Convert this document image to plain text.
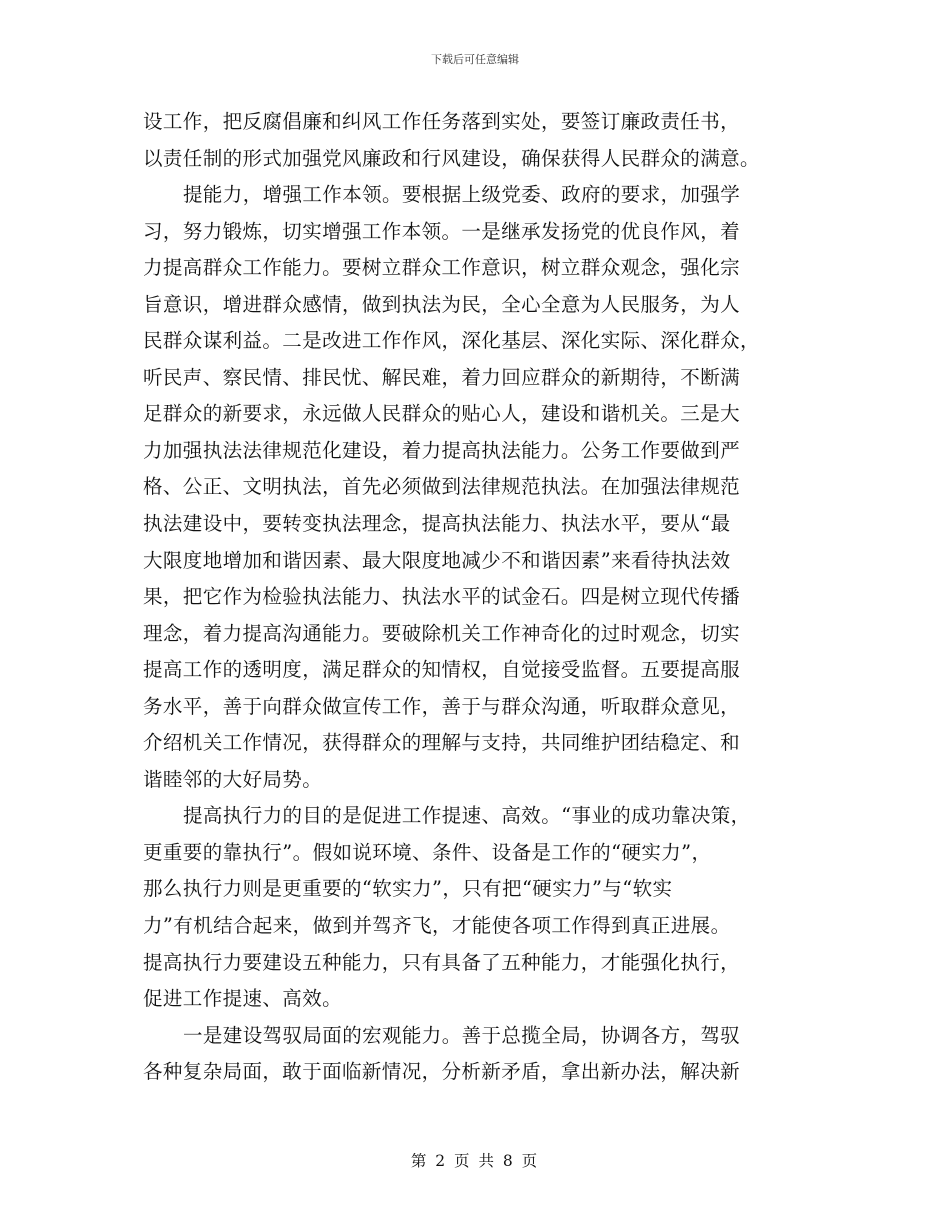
下载后可任意编辑
设工作，把反腐倡廉和纠风工作任务落到实处，要签订廉政责任书，
以责任制的形式加强党风廉政和行风建设，确保获得人民群众的满意。
提能力，增强工作本领。要根据上级党委、政府的要求，加强学
习，努力锻炼，切实增强工作本领。一是继承发扬党的优良作风，着
力提高群众工作能力。要树立群众工作意识，树立群众观念，强化宗
旨意识，增进群众感情，做到执法为民，全心全意为人民服务，为人
民群众谋利益。二是改进工作作风，深化基层、深化实际、深化群众，
听民声、察民情、排民忧、解民难，着力回应群众的新期待，不断满
足群众的新要求，永远做人民群众的贴心人，建设和谐机关。三是大
力加强执法法律规范化建设，着力提高执法能力。公务工作要做到严
格、公正、文明执法，首先必须做到法律规范执法。在加强法律规范
执法建设中，要转变执法理念，提高执法能力、执法水平，要从“最
大限度地增加和谐因素、最大限度地减少不和谐因素”来看待执法效
果，把它作为检验执法能力、执法水平的试金石。四是树立现代传播
理念，着力提高沟通能力。要破除机关工作神奇化的过时观念，切实
提高工作的透明度，满足群众的知情权，自觉接受监督。五要提高服
务水平，善于向群众做宣传工作，善于与群众沟通，听取群众意见，
介绍机关工作情况，获得群众的理解与支持，共同维护团结稳定、和
谐睦邻的大好局势。
提高执行力的目的是促进工作提速、高效。“事业的成功靠决策，
更重要的靠执行”。假如说环境、条件、设备是工作的“硬实力”，
那么执行力则是更重要的“软实力”，只有把“硬实力”与“软实
力”有机结合起来，做到并驾齐飞，才能使各项工作得到真正进展。
提高执行力要建设五种能力，只有具备了五种能力，才能强化执行，
促进工作提速、高效。
一是建设驾驭局面的宏观能力。善于总揽全局，协调各方，驾驭
各种复杂局面，敢于面临新情况，分析新矛盾，拿出新办法，解决新
第 2 页 共 8 页
